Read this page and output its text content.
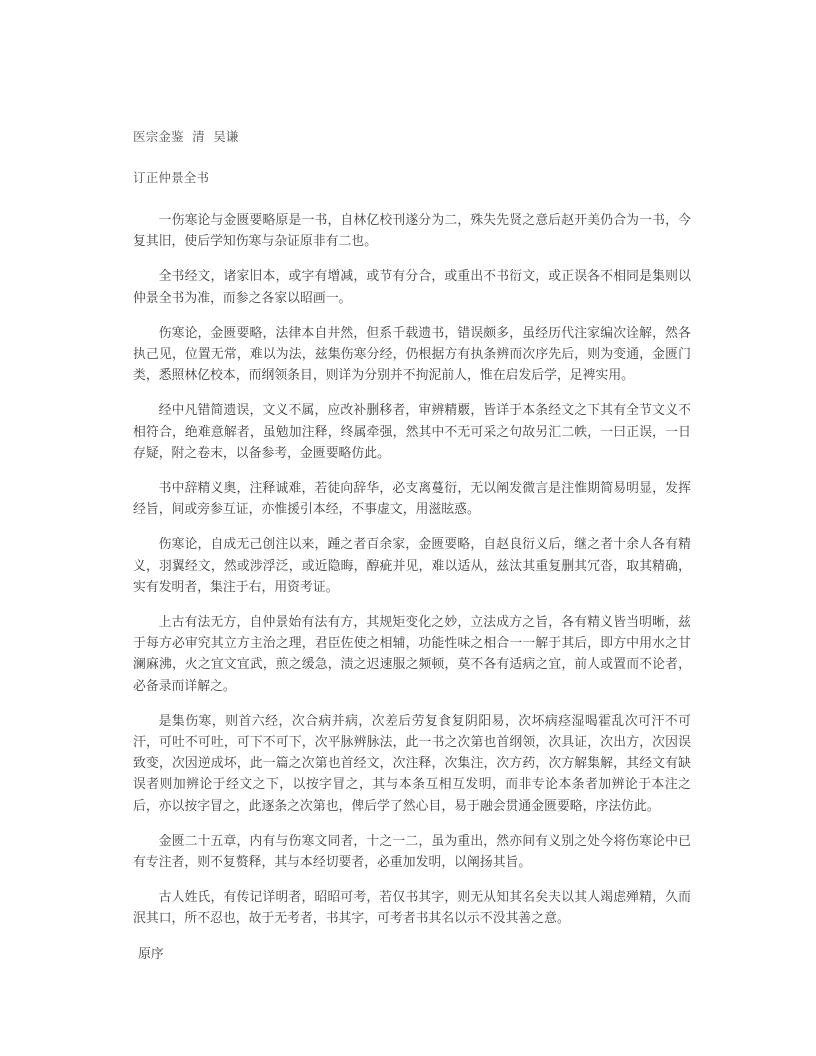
医宗金鉴  清  吴谦
订正仲景全书

一伤寒论与金匮要略原是一书，自林亿校刊遂分为二，殊失先贤之意后赵开美仍合为一书，今复其旧，使后学知伤寒与杂证原非有二也。

全书经文，诸家旧本，或字有增减，或节有分合，或重出不书衍文，或正误各不相同是集则以仲景全书为准，而参之各家以昭画一。

伤寒论，金匮要略，法律本自井然，但系千载遗书，错误颇多，虽经历代注家编次诠解，然各执己见，位置无常，难以为法，兹集伤寒分经，仍根据方有执条辨而次序先后，则为变通，金匮门类，悉照林亿校本，而纲领条目，则详为分别并不拘泥前人，惟在启发后学，足裨实用。

经中凡错简遗误，文义不属，应改补删移者，审辨精覈，皆详于本条经文之下其有全节文义不相符合，绝难意解者，虽勉加注释，终属牵强，然其中不无可采之句故另汇二帙，一曰正误，一日存疑，附之卷末，以备参考，金匮要略仿此。

书中辞精义奥，注释诚难，若徒向辞华，必支离蔓衍，无以阐发微言是注惟期简易明显，发挥经旨，间或旁参互证，亦惟援引本经，不事虚文，用滋眩惑。

伤寒论，自成无己创注以来，踵之者百余家，金匮要略，自赵良衍义后，继之者十余人各有精义，羽翼经文，然或涉浮泛，或近隐晦，醇疵并见，难以适从，兹汰其重复删其冗沓，取其精确，实有发明者，集注于右，用资考证。

上古有法无方，自仲景始有法有方，其规矩变化之妙，立法成方之旨，各有精义皆当明晰，兹于每方必审究其立方主治之理，君臣佐使之相辅，功能性味之相合一一解于其后，即方中用水之甘澜麻沸，火之宜文宜武，煎之缓急，渍之迟速服之频顿，莫不各有适病之宜，前人或置而不论者，必备录而详解之。

是集伤寒，则首六经，次合病并病，次差后劳复食复阴阳易，次坏病痉湿喝霍乱次可汗不可汗，可吐不可吐，可下不可下，次平脉辨脉法，此一书之次第也首纲领，次具证，次出方，次因误致变，次因逆成坏，此一篇之次第也首经文，次注释，次集注，次方药，次方解集解，其经文有缺误者则加辨论于经文之下，以按字冒之，其与本条互相互发明，而非专论本条者加辨论于本注之后，亦以按字冒之，此逐条之次第也，俾后学了然心目，易于融会贯通金匮要略，序法仿此。

金匮二十五章，内有与伤寒文同者，十之一二，虽为重出，然亦间有义别之处今将伤寒论中已有专注者，则不复赘释，其与本经切要者，必重加发明，以阐扬其旨。

古人姓氏，有传记详明者，昭昭可考，若仅书其字，则无从知其名矣夫以其人竭虑殚精，久而泯其口，所不忍也，故于无考者，书其字，可考者书其名以示不没其善之意。

原序
